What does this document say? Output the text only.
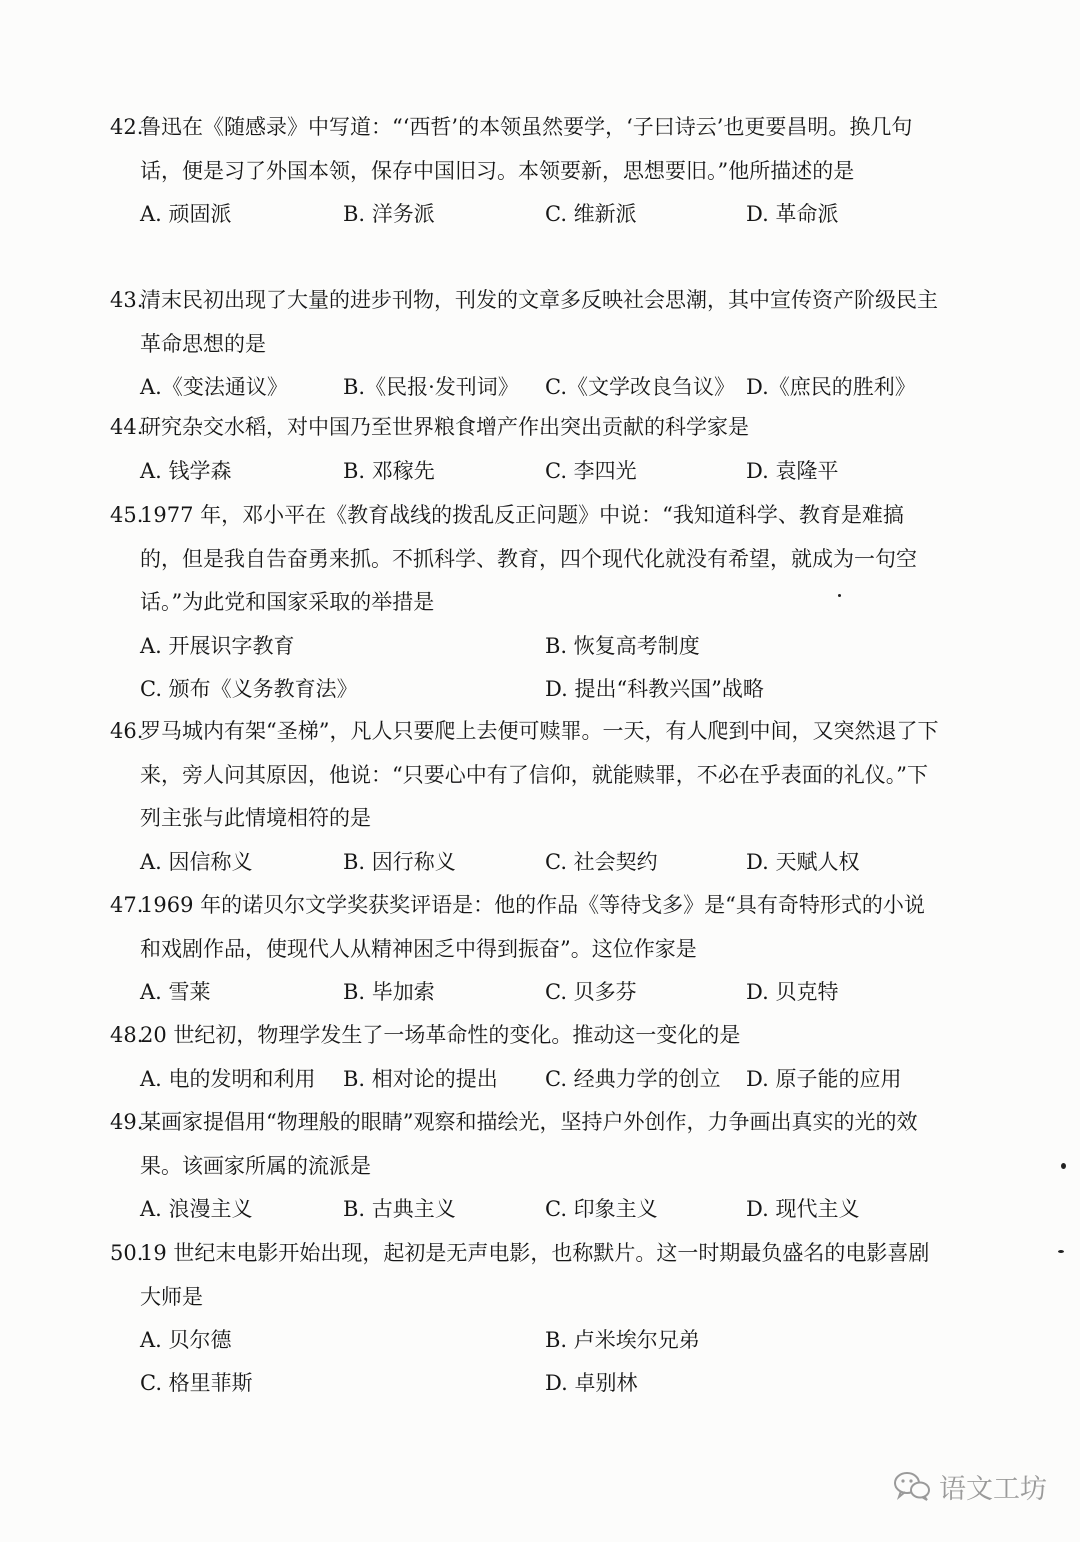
42.
鲁迅在《随感录》中写道：“‘西哲’的本领虽然要学，‘子曰诗云’也更要昌明。换几句话，便是习了外国本领，保存中国旧习。本领要新，思想要旧。”他所描述的是
A. 顽固派	B. 洋务派	C. 维新派	D. 革命派
43.
清末民初出现了大量的进步刊物，刊发的文章多反映社会思潮，其中宣传资产阶级民主革命思想的是
A.《变法通议》	B.《民报·发刊词》 C.《文学改良刍议》 D.《庶民的胜利》
44.
研究杂交水稻，对中国乃至世界粮食增产作出突出贡献的科学家是
A. 钱学森	B. 邓稼先	C. 李四光	D. 袁隆平
45.
1977 年，邓小平在《教育战线的拨乱反正问题》中说：“我知道科学、教育是难搞的，但是我自告奋勇来抓。不抓科学、教育，四个现代化就没有希望，就成为一句空话。”为此党和国家采取的举措是
A. 开展识字教育	B. 恢复高考制度
C. 颁布《义务教育法》	D. 提出“科教兴国”战略
46.
罗马城内有架“圣梯”，凡人只要爬上去便可赎罪。一天，有人爬到中间，又突然退了下来，旁人问其原因，他说：“只要心中有了信仰，就能赎罪，不必在乎表面的礼仪。”下列主张与此情境相符的是
A. 因信称义	B. 因行称义	C. 社会契约	D. 天赋人权
47.
1969 年的诺贝尔文学奖获奖评语是：他的作品《等待戈多》是“具有奇特形式的小说和戏剧作品，使现代人从精神困乏中得到振奋”。这位作家是
A. 雪莱	B. 毕加索	C. 贝多芬	D. 贝克特
48.
20 世纪初，物理学发生了一场革命性的变化。推动这一变化的是
A. 电的发明和利用 B. 相对论的提出 C. 经典力学的创立 D. 原子能的应用
49.
某画家提倡用“物理般的眼睛”观察和描绘光，坚持户外创作，力争画出真实的光的效果。该画家所属的流派是
A. 浪漫主义	B. 古典主义	C. 印象主义	D. 现代主义
50.
19 世纪末电影开始出现，起初是无声电影，也称默片。这一时期最负盛名的电影喜剧大师是
A. 贝尔德	B. 卢米埃尔兄弟
C. 格里菲斯	D. 卓别林
语文工坊
